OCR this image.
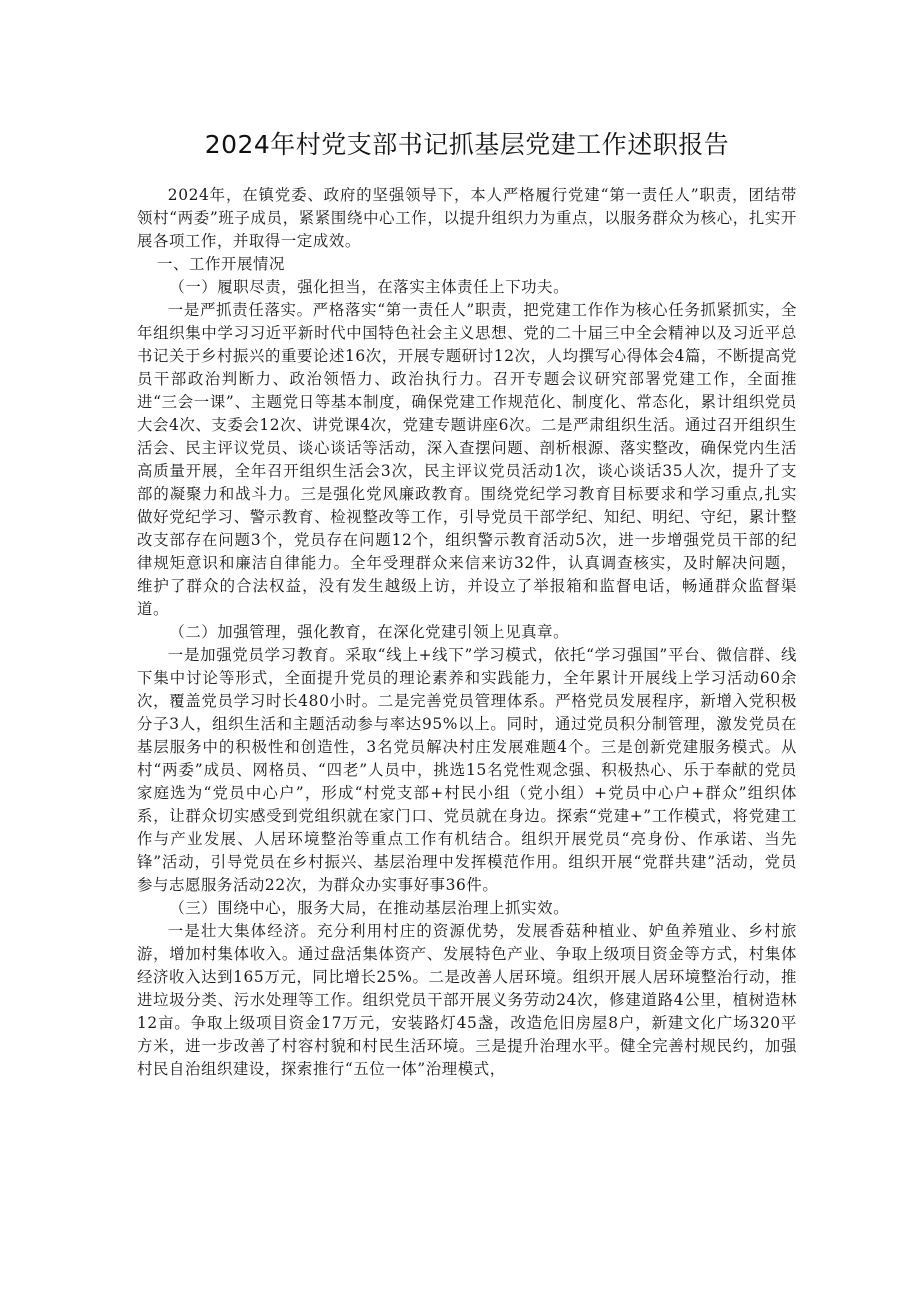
2024年村党支部书记抓基层党建工作述职报告

2024年，在镇党委、政府的坚强领导下，本人严格履行党建“第一责任人”职责，团结带领村“两委”班子成员，紧紧围绕中心工作，以提升组织力为重点，以服务群众为核心，扎实开展各项工作，并取得一定成效。

一、工作开展情况

（一）履职尽责，强化担当，在落实主体责任上下功夫。

一是严抓责任落实。严格落实“第一责任人”职责，把党建工作作为核心任务抓紧抓实，全年组织集中学习习近平新时代中国特色社会主义思想、党的二十届三中全会精神以及习近平总书记关于乡村振兴的重要论述16次，开展专题研讨12次，人均撰写心得体会4篇，不断提高党员干部政治判断力、政治领悟力、政治执行力。召开专题会议研究部署党建工作，全面推进“三会一课”、主题党日等基本制度，确保党建工作规范化、制度化、常态化，累计组织党员大会4次、支委会12次、讲党课4次，党建专题讲座6次。二是严肃组织生活。通过召开组织生活会、民主评议党员、谈心谈话等活动，深入查摆问题、剖析根源、落实整改，确保党内生活高质量开展，全年召开组织生活会3次，民主评议党员活动1次，谈心谈话35人次，提升了支部的凝聚力和战斗力。三是强化党风廉政教育。围绕党纪学习教育目标要求和学习重点,扎实做好党纪学习、警示教育、检视整改等工作，引导党员干部学纪、知纪、明纪、守纪，累计整改支部存在问题3个，党员存在问题12个，组织警示教育活动5次，进一步增强党员干部的纪律规矩意识和廉洁自律能力。全年受理群众来信来访32件，认真调查核实，及时解决问题，维护了群众的合法权益，没有发生越级上访，并设立了举报箱和监督电话，畅通群众监督渠道。

（二）加强管理，强化教育，在深化党建引领上见真章。

一是加强党员学习教育。采取“线上+线下”学习模式，依托“学习强国”平台、微信群、线下集中讨论等形式，全面提升党员的理论素养和实践能力，全年累计开展线上学习活动60余次，覆盖党员学习时长480小时。二是完善党员管理体系。严格党员发展程序，新增入党积极分子3人，组织生活和主题活动参与率达95%以上。同时，通过党员积分制管理，激发党员在基层服务中的积极性和创造性，3名党员解决村庄发展难题4个。三是创新党建服务模式。从村“两委”成员、网格员、“四老”人员中，挑选15名党性观念强、积极热心、乐于奉献的党员家庭选为“党员中心户”，形成“村党支部+村民小组（党小组）+党员中心户+群众”组织体系，让群众切实感受到党组织就在家门口、党员就在身边。探索“党建+”工作模式，将党建工作与产业发展、人居环境整治等重点工作有机结合。组织开展党员“亮身份、作承诺、当先锋”活动，引导党员在乡村振兴、基层治理中发挥模范作用。组织开展“党群共建”活动，党员参与志愿服务活动22次，为群众办实事好事36件。

（三）围绕中心，服务大局，在推动基层治理上抓实效。

一是壮大集体经济。充分利用村庄的资源优势，发展香菇种植业、妒鱼养殖业、乡村旅游，增加村集体收入。通过盘活集体资产、发展特色产业、争取上级项目资金等方式，村集体经济收入达到165万元，同比增长25%。二是改善人居环境。组织开展人居环境整治行动，推进垃圾分类、污水处理等工作。组织党员干部开展义务劳动24次，修建道路4公里，植树造林12亩。争取上级项目资金17万元，安装路灯45盏，改造危旧房屋8户，新建文化广场320平方米，进一步改善了村容村貌和村民生活环境。三是提升治理水平。健全完善村规民约，加强村民自治组织建设，探索推行“五位一体”治理模式，
